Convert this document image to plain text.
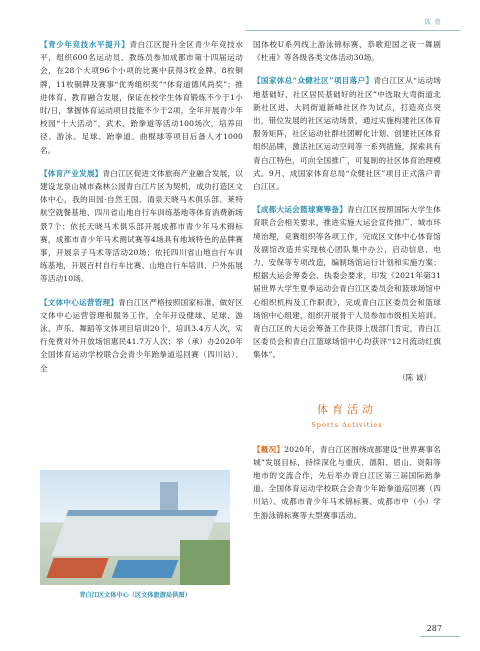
体育

【青少年竞技水平提升】青白江区提升全区青少年竞技水平，组织600名运动员、教练员参加成都市第十四届运动会，在28个大项96个小项的比赛中获得3枚金牌、8枚铜牌，11枚铜牌及赛事“优秀组织奖”“体育道德风尚奖”；推进体育、教育融合发展，保证在校学生体育锻炼不少于1小时/日，掌握体育运动项目技能不少于2项，全年开展青少年校园“十大活动”，武术、跆拳道等活动100场次，培养田径、游泳、足球、跆拳道、曲棍球等项目后备人才1000名。

【体育产业发展】青白江区促进文体旅商产业融合发展，以建设龙泉山城市森林公园青白江片区为契机，成功打造区文体中心，我的田园·自然王国、清泉天晓马术俱乐部、莱特航空就餐基地、四川省山地自行车训练基地等体育消费新场景7个；依托天晓马术俱乐部开展成都市青少年马术锦标赛，成都市青少年马术测试赛等4场具有地域特色的品牌赛事，开展亲子马术等活动20场；依托四川省山地自行车训练基地，开展百村自行车比赛、山地自行车培训、户外拓展等活动10场。

【文体中心运营管理】青白江区严格按照国家标准，做好区文体中心运营管理和服务工作，全年开设健球、足球、游泳、声乐、舞蹈等文体项目培训20个，培训3.4万人次，实行免费对外开放场馆惠民41.7万人次；举（承）办2020年全国体育运动学校联合会青少年跆拳道巡回赛（四川站）、全

青白江区文体中心（区文体旅游局供图）

国体校U系列线上游泳锦标赛、恭歌迎国之夜一舞剧《杜甫》等各级各类文体活动30场。

【国家体总“众健社区”项目落户】青白江区从“运动场地基础好、社区居民基础好的社区”中选取大弯街道北新社区进、大同街道新峰社区作为试点，打造亮点突出，错位发展的社区运动场景，通过实施构建社区体育服务矩阵，社区运动社群社团孵化计划、创建社区体育组织品牌，激活社区运动空间等一系列措施，探索具有青白江特色，可向全国推广，可复制的社区体育治理模式。9月，成国家体育总局“众健社区”项目正式落户青白江区。

【成都大运会篮球赛筹备】青白江区按照国际大学生体育联合会相关要求，推进实施大运会宣传推广、城市环境治理，竞赛组织等各项工作，完成区文体中心体育馆及副馆改造并实现核心团队集中办公，启动信息、电力、安保等专项改造，编制场馆运行计划和实施方案；根据大运会筹委会、执委会要求，印发《2021年第31届世界大学生夏季运动会青白江区委员会和篮球场馆中心组织机构及工作职责》，完成青白江区委员会和篮球场馆中心组建，组织开展骨干人员参加市级相关培训。青白江区的大运会筹备工作获得上级部门肯定，青白江区委员会和青白江篮球场馆中心均获评“12月流动红旗集体”。

（陈 诚）
体育活动
Sports Activities

【概况】2020年，青白江区围绕成都建设“世界赛事名城”发展目标，持续深化与重庆、德阳、眉山、资阳等地市的交流合作，先后举办青白江区第三届国际跆拳道、全国体育运动学校联合会青少年跆拳道巡回赛（四川站）、成都市青少年马术锦标赛、成都市中（小）学生游泳锦标赛等大型赛事活动。

287
